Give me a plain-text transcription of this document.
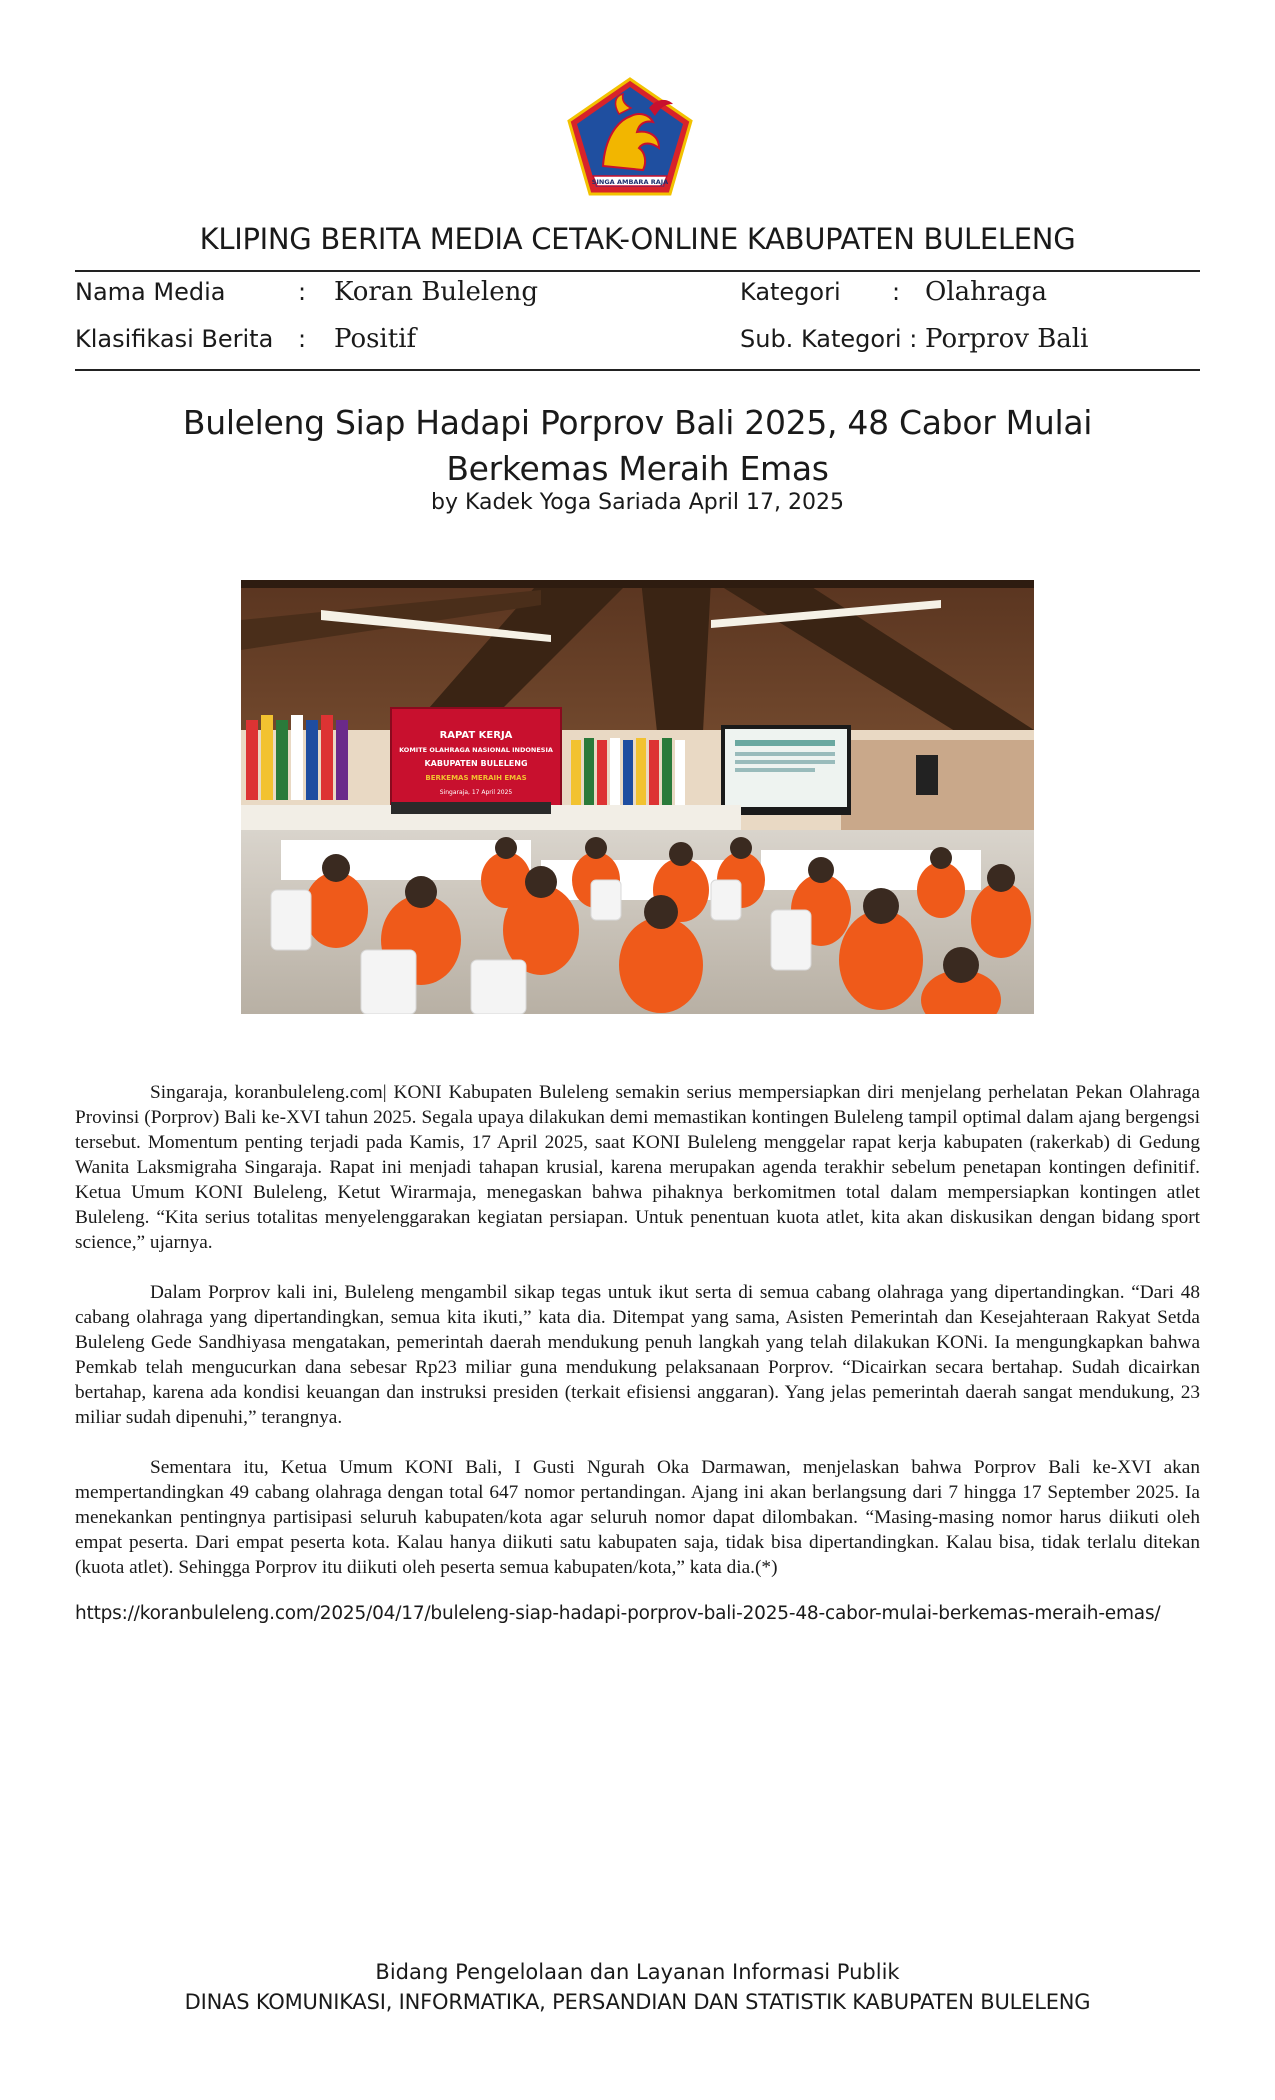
SINGA AMBARA RAJA
KLIPING BERITA MEDIA CETAK-ONLINE KABUPATEN BULELENG
Nama Media	: Koran Buleleng	Kategori : Olahraga
Klasifikasi Berita : Positif	Sub. Kategori : Porprov Bali
Buleleng Siap Hadapi Porprov Bali 2025, 48 Cabor Mulai Berkemas Meraih Emas
by Kadek Yoga Sariada April 17, 2025
RAPAT KERJA
KOMITE OLAHRAGA NASIONAL INDONESIA
KABUPATEN BULELENG
BERKEMAS MERAIH EMAS
Singaraja, 17 April 2025

Singaraja, koranbuleleng.com| KONI Kabupaten Buleleng semakin serius mempersiapkan diri menjelang perhelatan Pekan Olahraga Provinsi (Porprov) Bali ke-XVI tahun 2025. Segala upaya dilakukan demi memastikan kontingen Buleleng tampil optimal dalam ajang bergengsi tersebut. Momentum penting terjadi pada Kamis, 17 April 2025, saat KONI Buleleng menggelar rapat kerja kabupaten (rakerkab) di Gedung Wanita Laksmigraha Singaraja. Rapat ini menjadi tahapan krusial, karena merupakan agenda terakhir sebelum penetapan kontingen definitif. Ketua Umum KONI Buleleng, Ketut Wirarmaja, menegaskan bahwa pihaknya berkomitmen total dalam mempersiapkan kontingen atlet Buleleng. “Kita serius totalitas menyelenggarakan kegiatan persiapan. Untuk penentuan kuota atlet, kita akan diskusikan dengan bidang sport science,” ujarnya.

Dalam Porprov kali ini, Buleleng mengambil sikap tegas untuk ikut serta di semua cabang olahraga yang dipertandingkan. “Dari 48 cabang olahraga yang dipertandingkan, semua kita ikuti,” kata dia. Ditempat yang sama, Asisten Pemerintah dan Kesejahteraan Rakyat Setda Buleleng Gede Sandhiyasa mengatakan, pemerintah daerah mendukung penuh langkah yang telah dilakukan KONi. Ia mengungkapkan bahwa Pemkab telah mengucurkan dana sebesar Rp23 miliar guna mendukung pelaksanaan Porprov. “Dicairkan secara bertahap. Sudah dicairkan bertahap, karena ada kondisi keuangan dan instruksi presiden (terkait efisiensi anggaran). Yang jelas pemerintah daerah sangat mendukung, 23 miliar sudah dipenuhi,” terangnya.

Sementara itu, Ketua Umum KONI Bali, I Gusti Ngurah Oka Darmawan, menjelaskan bahwa Porprov Bali ke-XVI akan mempertandingkan 49 cabang olahraga dengan total 647 nomor pertandingan. Ajang ini akan berlangsung dari 7 hingga 17 September 2025. Ia menekankan pentingnya partisipasi seluruh kabupaten/kota agar seluruh nomor dapat dilombakan. “Masing-masing nomor harus diikuti oleh empat peserta. Dari empat peserta kota. Kalau hanya diikuti satu kabupaten saja, tidak bisa dipertandingkan. Kalau bisa, tidak terlalu ditekan (kuota atlet). Sehingga Porprov itu diikuti oleh peserta semua kabupaten/kota,” kata dia.(*)

https://koranbuleleng.com/2025/04/17/buleleng-siap-hadapi-porprov-bali-2025-48-cabor-mulai-berkemas-meraih-emas/
Bidang Pengelolaan dan Layanan Informasi Publik
DINAS KOMUNIKASI, INFORMATIKA, PERSANDIAN DAN STATISTIK KABUPATEN BULELENG
